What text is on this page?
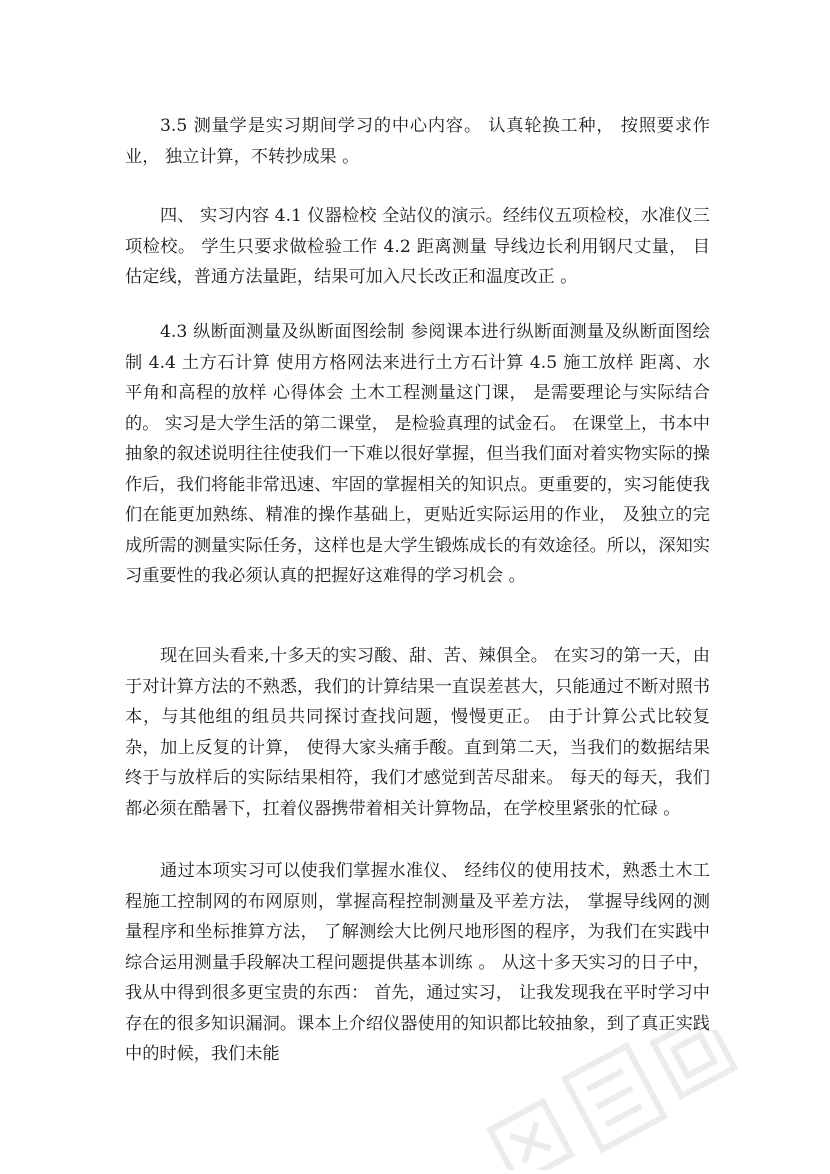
3.5 测量学是实习期间学习的中心内容。 认真轮换工种， 按照要求作业， 独立计算，不转抄成果 。

四、 实习内容 4.1 仪器检校 全站仪的演示。经纬仪五项检校，水准仪三项检校。 学生只要求做检验工作 4.2 距离测量 导线边长利用钢尺丈量， 目估定线，普通方法量距，结果可加入尺长改正和温度改正 。

4.3 纵断面测量及纵断面图绘制 参阅课本进行纵断面测量及纵断面图绘制 4.4 土方石计算 使用方格网法来进行土方石计算 4.5 施工放样 距离、水平角和高程的放样 心得体会 土木工程测量这门课， 是需要理论与实际结合的。 实习是大学生活的第二课堂， 是检验真理的试金石。 在课堂上，书本中抽象的叙述说明往往使我们一下难以很好掌握，但当我们面对着实物实际的操作后，我们将能非常迅速、牢固的掌握相关的知识点。更重要的，实习能使我们在能更加熟练、精准的操作基础上，更贴近实际运用的作业， 及独立的完成所需的测量实际任务，这样也是大学生锻炼成长的有效途径。所以，深知实习重要性的我必须认真的把握好这难得的学习机会 。

现在回头看来,十多天的实习酸、甜、苦、辣俱全。 在实习的第一天，由于对计算方法的不熟悉，我们的计算结果一直误差甚大，只能通过不断对照书本，与其他组的组员共同探讨查找问题，慢慢更正。 由于计算公式比较复杂，加上反复的计算， 使得大家头痛手酸。直到第二天，当我们的数据结果终于与放样后的实际结果相符，我们才感觉到苦尽甜来。 每天的每天，我们都必须在酷暑下，扛着仪器携带着相关计算物品，在学校里紧张的忙碌 。

通过本项实习可以使我们掌握水准仪、 经纬仪的使用技术，熟悉土木工程施工控制网的布网原则，掌握高程控制测量及平差方法， 掌握导线网的测量程序和坐标推算方法， 了解测绘大比例尺地形图的程序，为我们在实践中综合运用测量手段解决工程问题提供基本训练 。 从这十多天实习的日子中， 我从中得到很多更宝贵的东西： 首先，通过实习， 让我发现我在平时学习中存在的很多知识漏洞。课本上介绍仪器使用的知识都比较抽象，到了真正实践中的时候，我们未能
